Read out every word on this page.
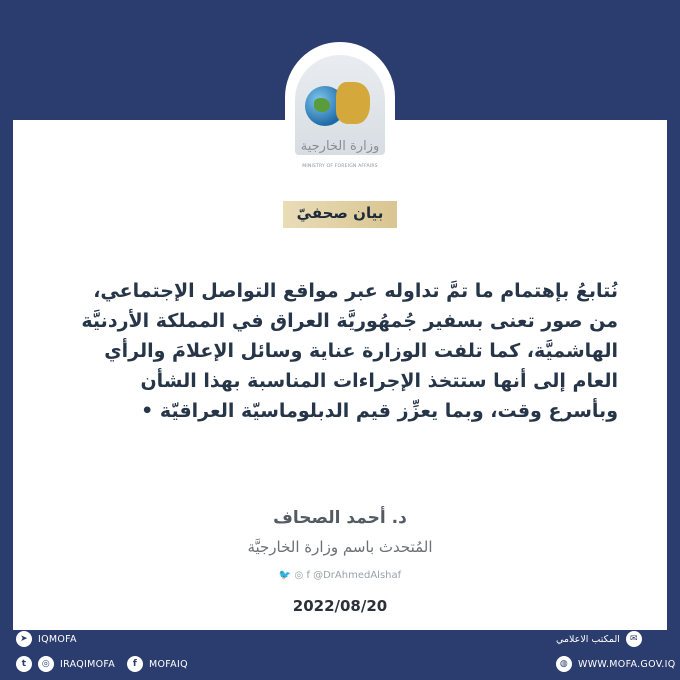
وزارة الخارجية
MINISTRY OF FOREIGN AFFAIRS
بيان صحفيّ

نُتابعُ بإهتمام ما تمَّ تداوله عبر مواقع التواصل الإجتماعي،
من صور تعنى بسفير جُمهُوريَّة العراق في المملكة الأردنيَّة
الهاشميَّة، كما تلفت الوزارة عناية وسائل الإعلامَ والرأي
العام إلى أنها ستتخذ الإجراءات المناسبة بهذا الشأن
وبأسرع وقت، وبما يعزِّز قيم الدبلوماسيّة العراقيّة •

د. أحمد الصحاف
المُتحدث باسم وزارة الخارجيَّة
🐦 ◎ f @DrAhmedAlshaf
2022/08/20
➤	IQMOFA
t	◎	IRAQIMOFA	f	MOFAIQ
✉
المكتب الاعلامي
◍	WWW.MOFA.GOV.IQ
